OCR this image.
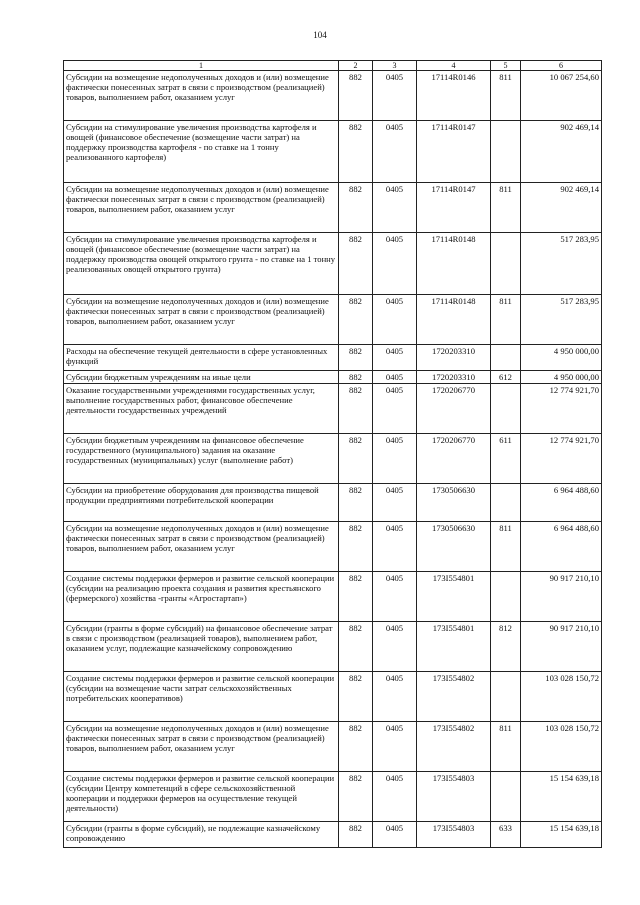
104
1	2	3	4	5	6
Субсидии на возмещение недополученных доходов и (или) возмещение фактически понесенных затрат в связи с производством (реализацией) товаров, выполнением работ, оказанием услуг	882	0405	17114R0146	811	10 067 254,60
Субсидии на стимулирование увеличения производства картофеля и овощей (финансовое обеспечение (возмещение части затрат) на поддержку производства картофеля - по ставке на 1 тонну реализованного картофеля)	882	0405	17114R0147		902 469,14
Субсидии на возмещение недополученных доходов и (или) возмещение фактически понесенных затрат в связи с производством (реализацией) товаров, выполнением работ, оказанием услуг	882	0405	17114R0147	811	902 469,14
Субсидии на стимулирование увеличения производства картофеля и овощей (финансовое обеспечение (возмещение части затрат) на поддержку производства овощей открытого грунта - по ставке на 1 тонну реализованных овощей открытого грунта)	882	0405	17114R0148		517 283,95
Субсидии на возмещение недополученных доходов и (или) возмещение фактически понесенных затрат в связи с производством (реализацией) товаров, выполнением работ, оказанием услуг	882	0405	17114R0148	811	517 283,95
Расходы на обеспечение текущей деятельности в сфере установленных функций	882	0405	1720203310		4 950 000,00
Субсидии бюджетным учреждениям на иные цели	882	0405	1720203310	612	4 950 000,00
Оказание государственными учреждениями государственных услуг, выполнение государственных работ, финансовое обеспечение деятельности государственных учреждений	882	0405	1720206770		12 774 921,70
Субсидии бюджетным учреждениям на финансовое обеспечение государственного (муниципального) задания на оказание государственных (муниципальных) услуг (выполнение работ)	882	0405	1720206770	611	12 774 921,70
Субсидии на приобретение оборудования для производства пищевой продукции предприятиями потребительской кооперации	882	0405	1730506630		6 964 488,60
Субсидии на возмещение недополученных доходов и (или) возмещение фактически понесенных затрат в связи с производством (реализацией) товаров, выполнением работ, оказанием услуг	882	0405	1730506630	811	6 964 488,60
Создание системы поддержки фермеров и развитие сельской кооперации (субсидии на реализацию проекта создания и развития крестьянского (фермерского) хозяйства -гранты «Агростартап»)	882	0405	173I554801		90 917 210,10
Субсидии (гранты в форме субсидий) на финансовое обеспечение затрат в связи с производством (реализацией товаров), выполнением работ, оказанием услуг, подлежащие казначейскому сопровождению	882	0405	173I554801	812	90 917 210,10
Создание системы поддержки фермеров и развитие сельской кооперации (субсидии на возмещение части затрат сельскохозяйственных потребительских кооперативов)	882	0405	173I554802		103 028 150,72
Субсидии на возмещение недополученных доходов и (или) возмещение фактически понесенных затрат в связи с производством (реализацией) товаров, выполнением работ, оказанием услуг	882	0405	173I554802	811	103 028 150,72
Создание системы поддержки фермеров и развитие сельской кооперации (субсидии Центру компетенций в сфере сельскохозяйственной кооперации и поддержки фермеров на осуществление текущей деятельности)	882	0405	173I554803		15 154 639,18
Субсидии (гранты в форме субсидий), не подлежащие казначейскому сопровождению	882	0405	173I554803	633	15 154 639,18
